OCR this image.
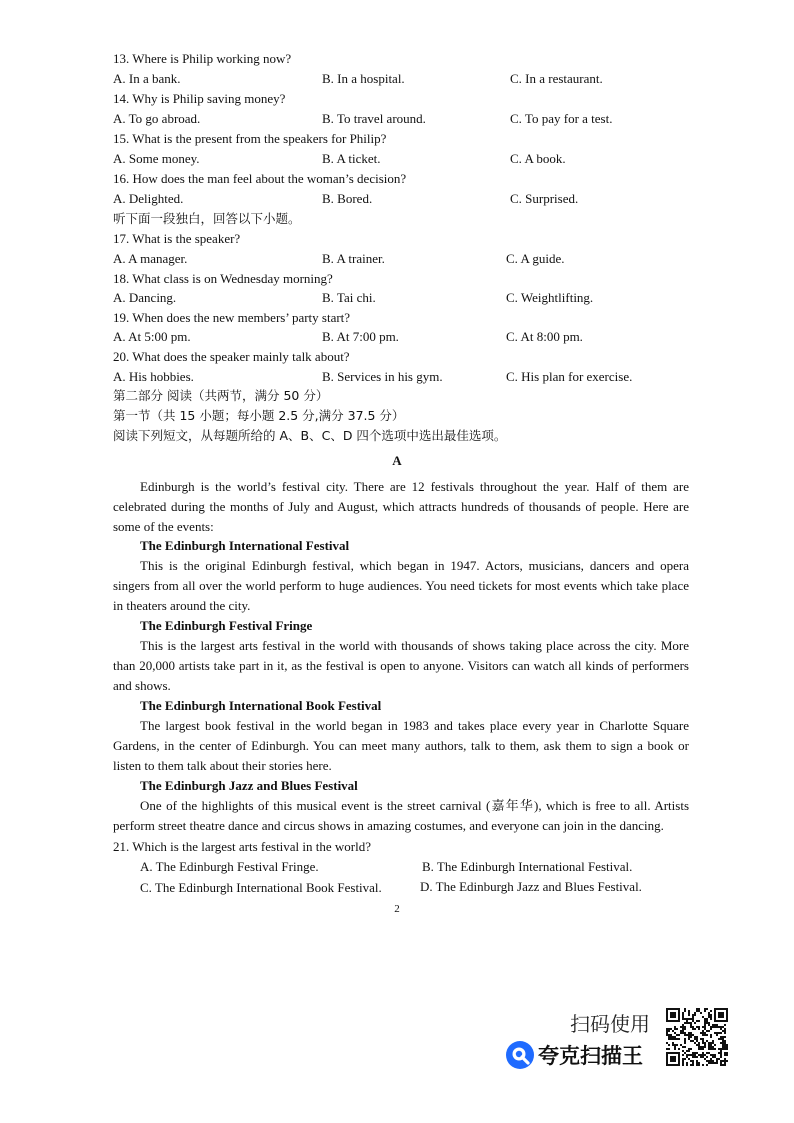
13. Where is Philip working now?
A. In a bank.	B. In a hospital.	C. In a restaurant.
14. Why is Philip saving money?
A. To go abroad.	B. To travel around.	C. To pay for a test.
15. What is the present from the speakers for Philip?
A. Some money.	B. A ticket.	C. A book.
16. How does the man feel about the woman’s decision?
A. Delighted.	B. Bored.	C. Surprised.
听下面一段独白，回答以下小题。
17. What is the speaker?
A. A manager.	B. A trainer.	C. A guide.
18. What class is on Wednesday morning?
A. Dancing.	B. Tai chi.	C. Weightlifting.
19. When does the new members’ party start?
A. At 5:00 pm.	B. At 7:00 pm.	C. At 8:00 pm.
20. What does the speaker mainly talk about?
A. His hobbies.	B. Services in his gym.	C. His plan for exercise.
第二部分 阅读（共两节，满分 50 分）
第一节（共 15 小题；每小题 2.5 分,满分 37.5 分）
阅读下列短文，从每题所给的 A、B、C、D 四个选项中选出最佳选项。
A
Edinburgh is the world’s festival city. There are 12 festivals throughout the year. Half of them are celebrated during the months of July and August, which attracts hundreds of thousands of people. Here are some of the events:
The Edinburgh International Festival
This is the original Edinburgh festival, which began in 1947. Actors, musicians, dancers and opera singers from all over the world perform to huge audiences. You need tickets for most events which take place in theaters around the city.
The Edinburgh Festival Fringe
This is the largest arts festival in the world with thousands of shows taking place across the city. More than 20,000 artists take part in it, as the festival is open to anyone. Visitors can watch all kinds of performers and shows.
The Edinburgh International Book Festival
The largest book festival in the world began in 1983 and takes place every year in Charlotte Square Gardens, in the center of Edinburgh. You can meet many authors, talk to them, ask them to sign a book or listen to them talk about their stories here.
The Edinburgh Jazz and Blues Festival
One of the highlights of this musical event is the street carnival (嘉年华), which is free to all. Artists perform street theatre dance and circus shows in amazing costumes, and everyone can join in the dancing.
21. Which is the largest arts festival in the world?
A. The Edinburgh Festival Fringe.	B. The Edinburgh International Festival.
C. The Edinburgh International Book Festival.	D. The Edinburgh Jazz and Blues Festival.
2
扫码使用
夸克扫描王
